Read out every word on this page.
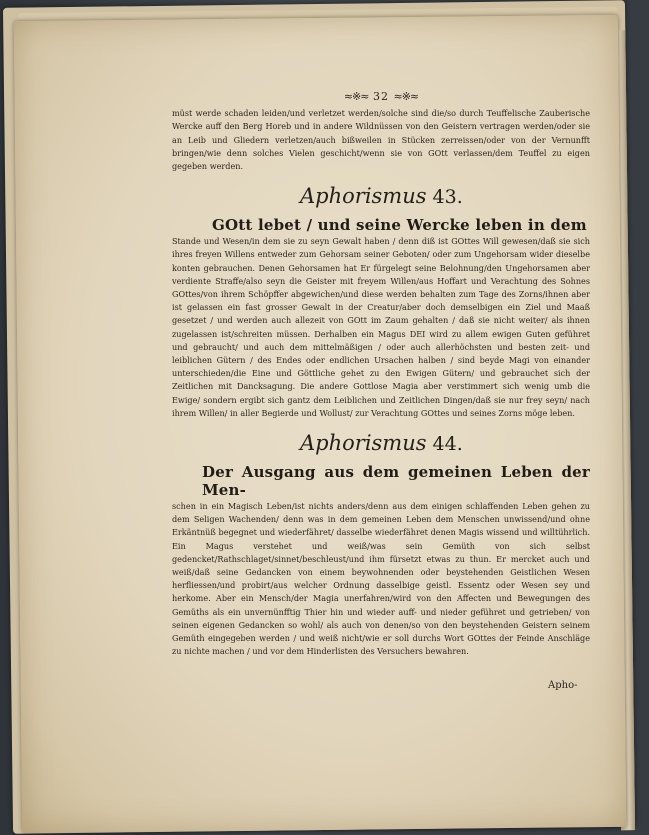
≈※≈ 32 ≈※≈

müst werde schaden leiden/und verletzet werden/solche sind die/so durch Teuffelische Zauberische Wercke auff den Berg Horeb und in andere Wildnüssen von den Geistern vertragen werden/oder sie an Leib und Gliedern verletzen/auch bißweilen in Stücken zerreissen/oder von der Vernunfft bringen/wie denn solches Vielen geschicht/wenn sie von GOtt verlassen/dem Teuffel zu eigen gegeben werden.

Aphorismus 43.
GOtt lebet / und seine Wercke leben in dem

Stande und Wesen/in dem sie zu seyn Gewalt haben / denn diß ist GOttes Will gewesen/daß sie sich ihres freyen Willens entweder zum Gehorsam seiner Geboten/ oder zum Ungehorsam wider dieselbe konten gebrauchen. Denen Gehorsamen hat Er fürgelegt seine Belohnung/den Ungehorsamen aber verdiente Straffe/also seyn die Geister mit freyem Willen/aus Hoffart und Verachtung des Sohnes GOttes/von ihrem Schöpffer abgewichen/und diese werden behalten zum Tage des Zorns/ihnen aber ist gelassen ein fast grosser Gewalt in der Creatur/aber doch demselbigen ein Ziel und Maaß gesetzet / und werden auch allezeit von GOtt im Zaum gehalten / daß sie nicht weiter/ als ihnen zugelassen ist/schreiten müssen. Derhalben ein Magus DEI wird zu allem ewigen Guten geführet und gebraucht/ und auch dem mittelmäßigen / oder auch allerhöchsten und besten zeit- und leiblichen Gütern / des Endes oder endlichen Ursachen halben / sind beyde Magi von einander unterschieden/die Eine und Göttliche gehet zu den Ewigen Gütern/ und gebrauchet sich der Zeitlichen mit Dancksagung. Die andere Gottlose Magia aber verstimmert sich wenig umb die Ewige/ sondern ergibt sich gantz dem Leiblichen und Zeitlichen Dingen/daß sie nur frey seyn/ nach ihrem Willen/ in aller Begierde und Wollust/ zur Verachtung GOttes und seines Zorns möge leben.

Aphorismus 44.
Der Ausgang aus dem gemeinen Leben der Men-

schen in ein Magisch Leben/ist nichts anders/denn aus dem einigen schlaffenden Leben gehen zu dem Seligen Wachenden/ denn was in dem gemeinen Leben dem Menschen unwissend/und ohne Erkäntnüß begegnet und wiederfähret/ dasselbe wiederfähret denen Magis wissend und willtührlich. Ein Magus verstehet und weiß/was sein Gemüth von sich selbst gedencket/Rathschlaget/sinnet/beschleust/und ihm fürsetzt etwas zu thun. Er mercket auch und weiß/daß seine Gedancken von einem beywohnenden oder beystehenden Geistlichen Wesen herfliessen/und probirt/aus welcher Ordnung dasselbige geistl. Essentz oder Wesen sey und herkome. Aber ein Mensch/der Magia unerfahren/wird von den Affecten und Bewegungen des Gemüths als ein unvernünfftig Thier hin und wieder auff- und nieder geführet und getrieben/ von seinen eigenen Gedancken so wohl/ als auch von denen/so von den beystehenden Geistern seinem Gemüth eingegeben werden / und weiß nicht/wie er soll durchs Wort GOttes der Feinde Anschläge zu nichte machen / und vor dem Hinderlisten des Versuchers bewahren.

Apho-
